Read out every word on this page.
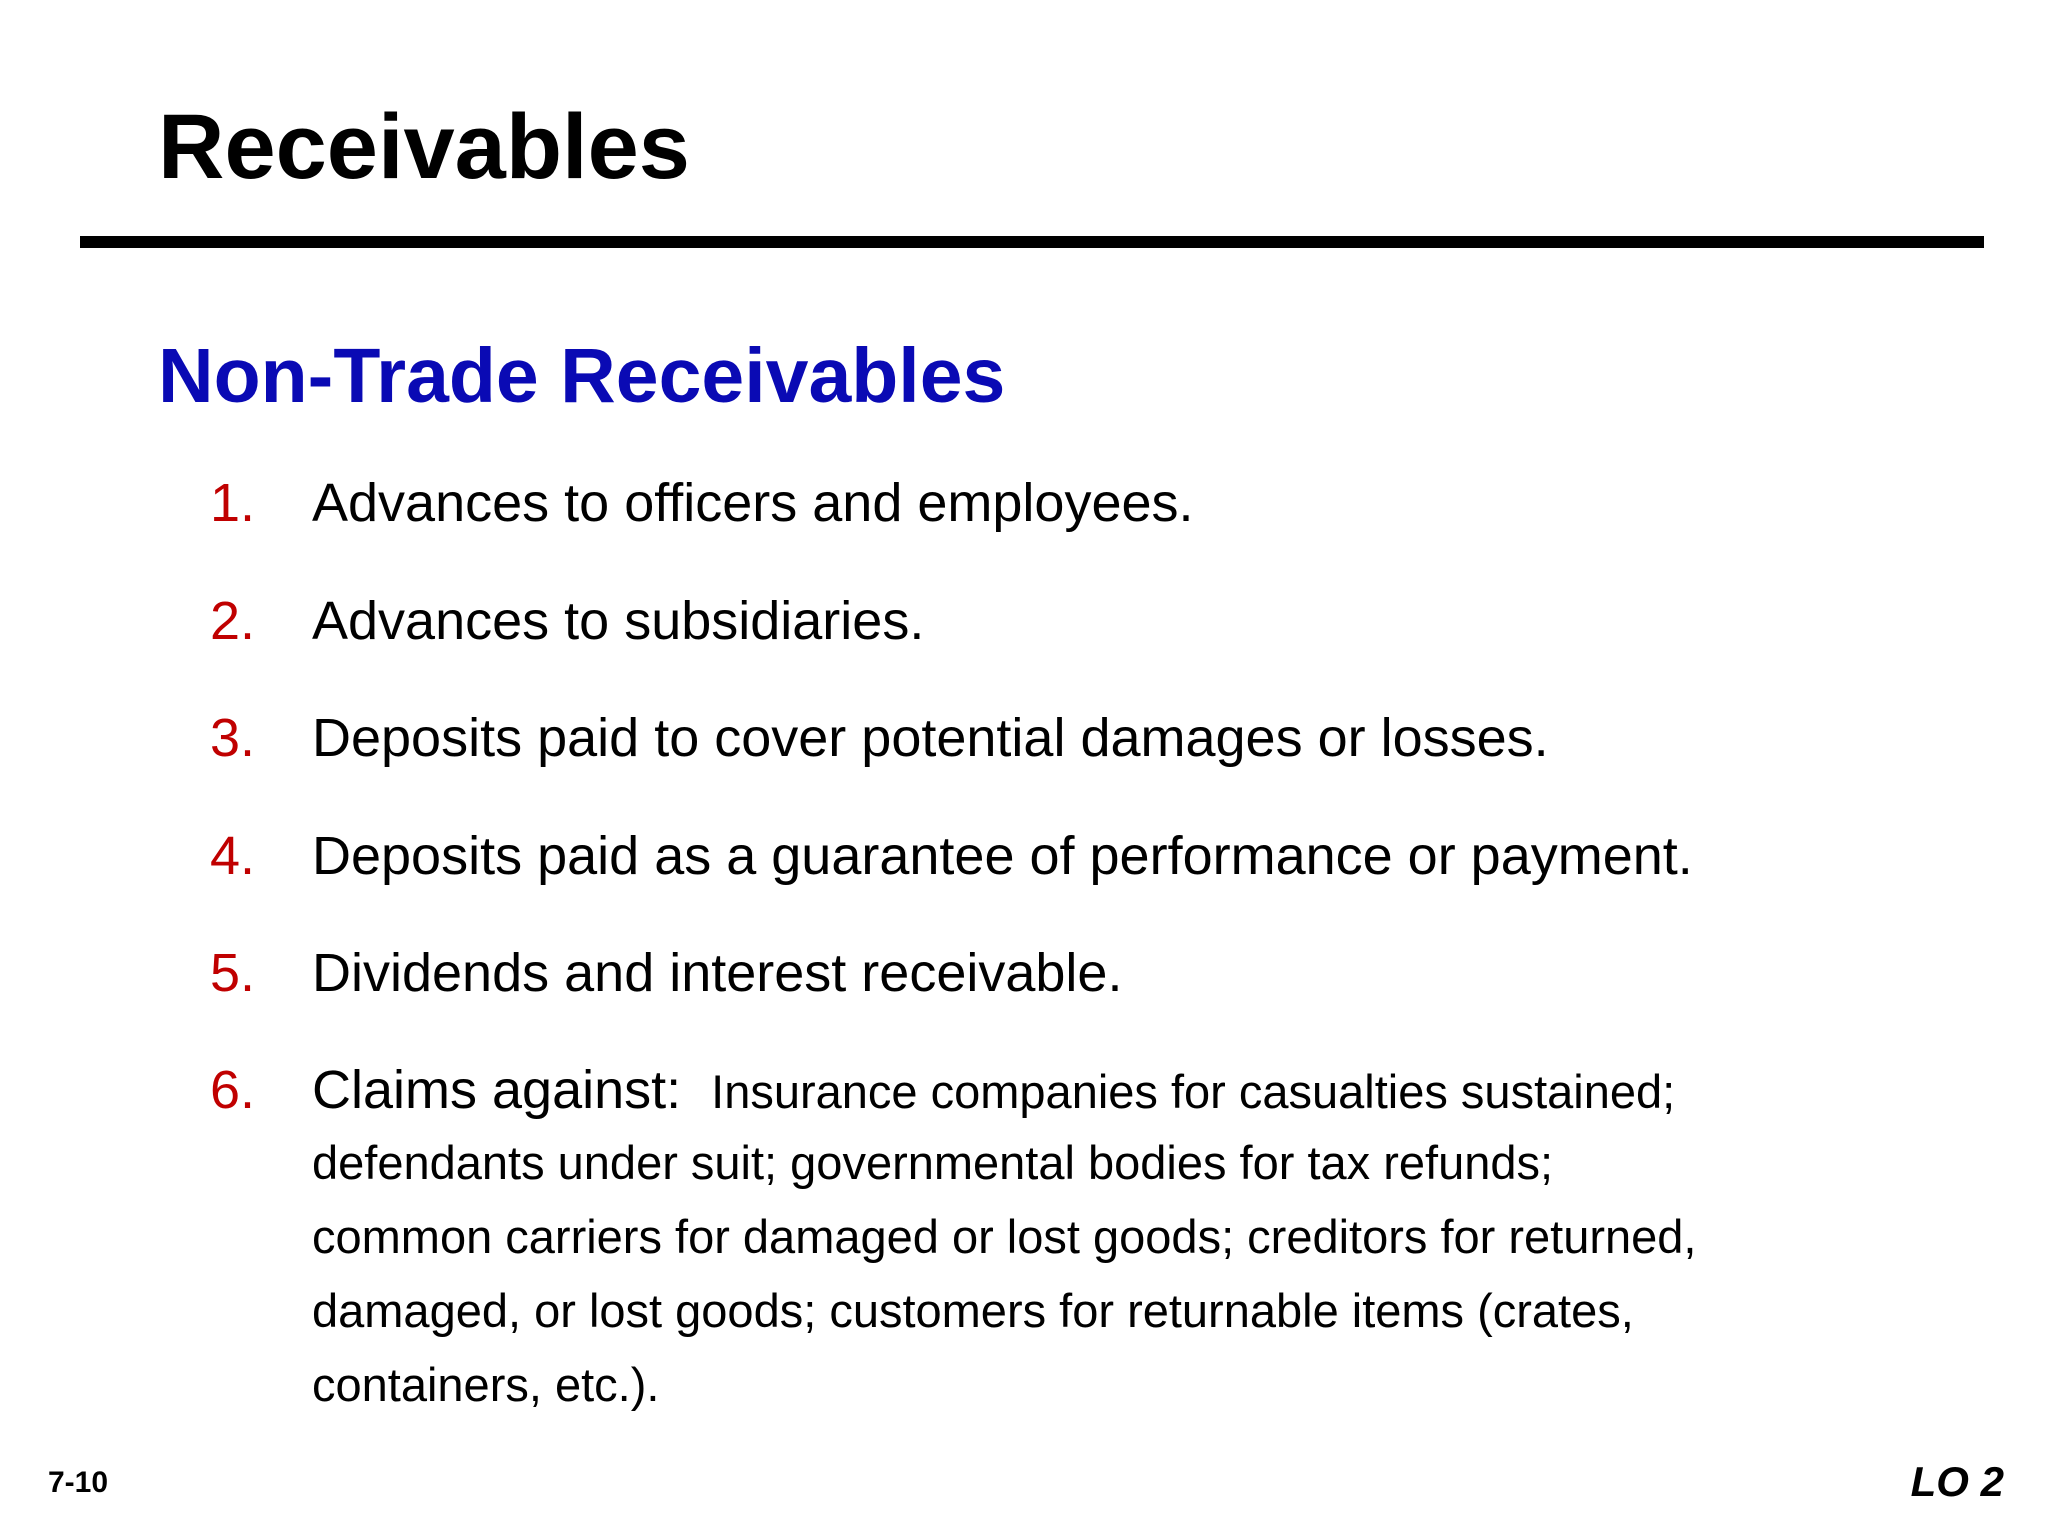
Receivables
Non-Trade Receivables
1. Advances to officers and employees.
2. Advances to subsidiaries.
3. Deposits paid to cover potential damages or losses.
4. Deposits paid as a guarantee of performance or payment.
5. Dividends and interest receivable.
6. Claims against: Insurance companies for casualties sustained;
defendants under suit; governmental bodies for tax refunds;
common carriers for damaged or lost goods; creditors for returned,
damaged, or lost goods; customers for returnable items (crates,
containers, etc.).
7-10	LO 2
